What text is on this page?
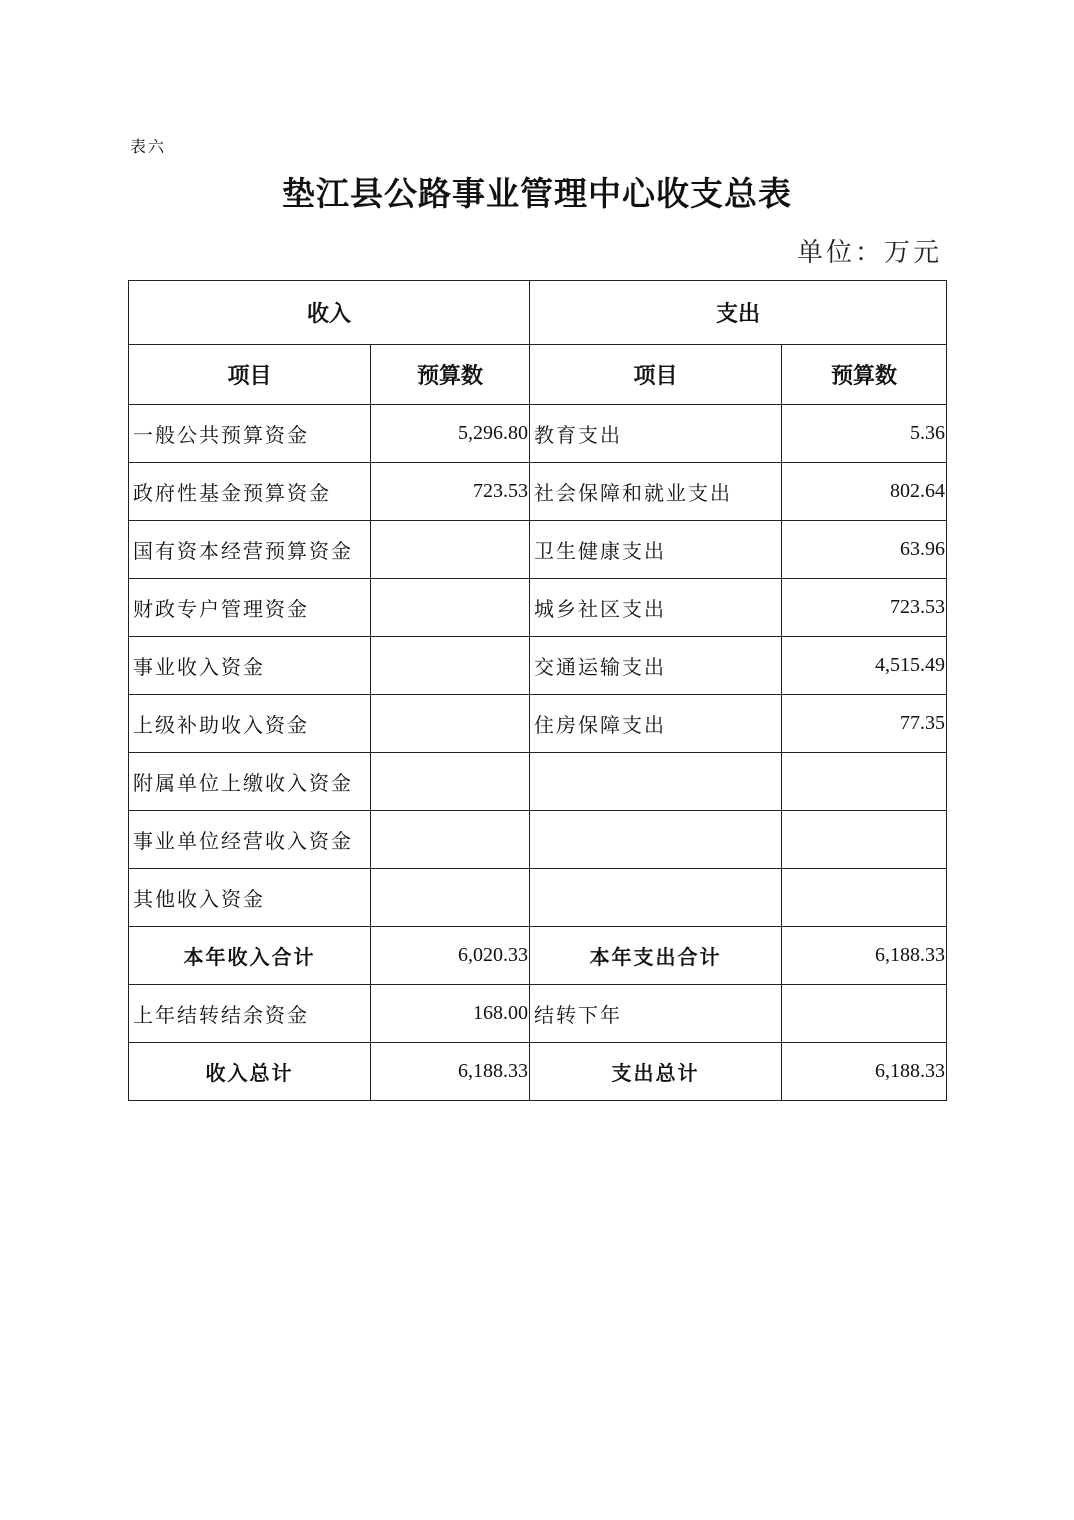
表六
垫江县公路事业管理中心收支总表
单位：万元
收入		支出	
项目	预算数	项目	预算数
一般公共预算资金	5,296.80	教育支出	5.36
政府性基金预算资金	723.53	社会保障和就业支出	802.64
国有资本经营预算资金		卫生健康支出	63.96
财政专户管理资金		城乡社区支出	723.53
事业收入资金		交通运输支出	4,515.49
上级补助收入资金		住房保障支出	77.35
附属单位上缴收入资金			
事业单位经营收入资金			
其他收入资金			
本年收入合计	6,020.33	本年支出合计	6,188.33
上年结转结余资金	168.00	结转下年	
收入总计	6,188.33	支出总计	6,188.33
